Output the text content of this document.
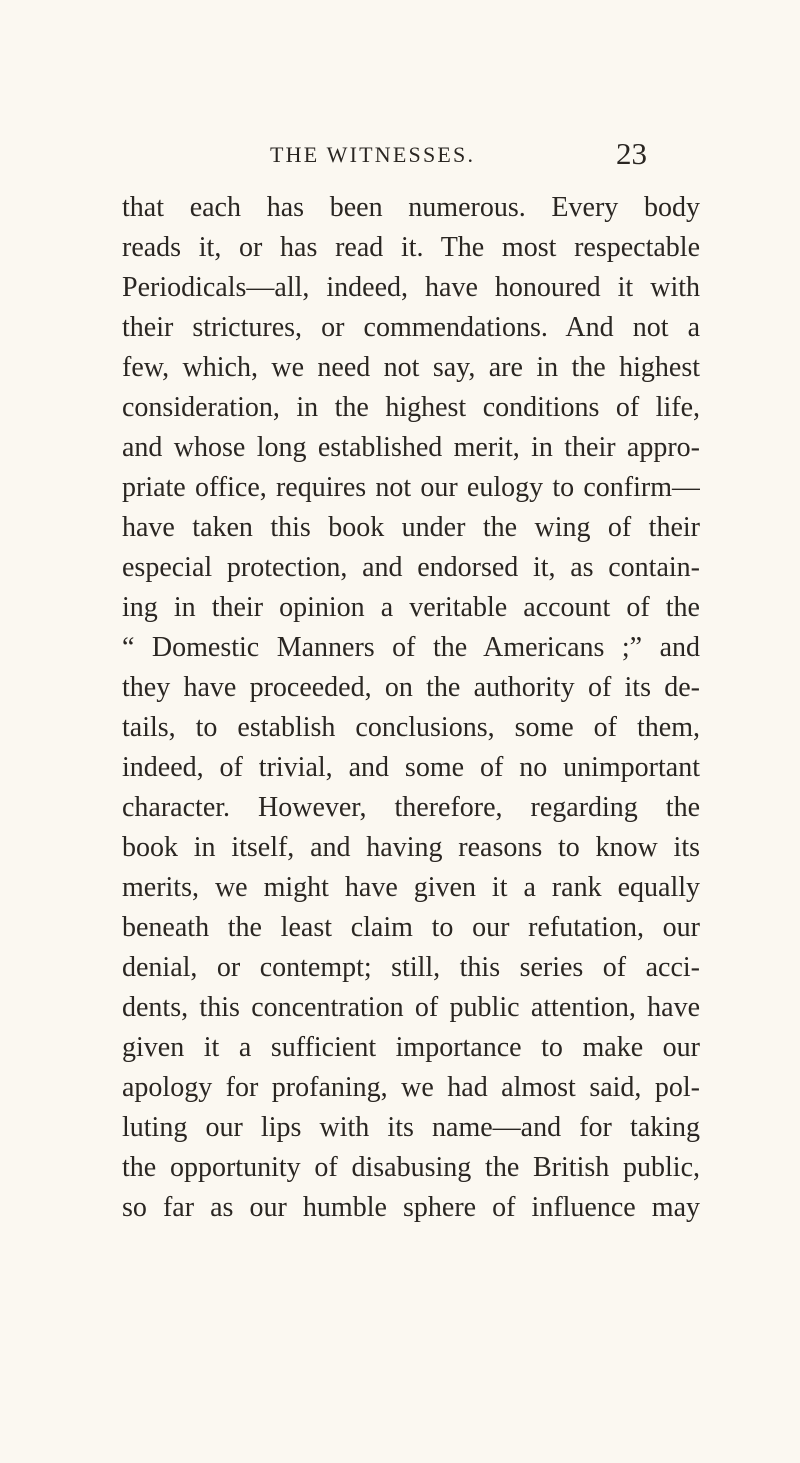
THE WITNESSES.	23
that each has been numerous. Every body
reads it, or has read it. The most respectable
Periodicals—all, indeed, have honoured it with
their strictures, or commendations. And not a
few, which, we need not say, are in the highest
consideration, in the highest conditions of life,
and whose long established merit, in their appro-
priate office, requires not our eulogy to confirm—
have taken this book under the wing of their
especial protection, and endorsed it, as contain-
ing in their opinion a veritable account of the
“ Domestic Manners of the Americans ;” and
they have proceeded, on the authority of its de-
tails, to establish conclusions, some of them,
indeed, of trivial, and some of no unimportant
character. However, therefore, regarding the
book in itself, and having reasons to know its
merits, we might have given it a rank equally
beneath the least claim to our refutation, our
denial, or contempt; still, this series of acci-
dents, this concentration of public attention, have
given it a sufficient importance to make our
apology for profaning, we had almost said, pol-
luting our lips with its name—and for taking
the opportunity of disabusing the British public,
so far as our humble sphere of influence may
